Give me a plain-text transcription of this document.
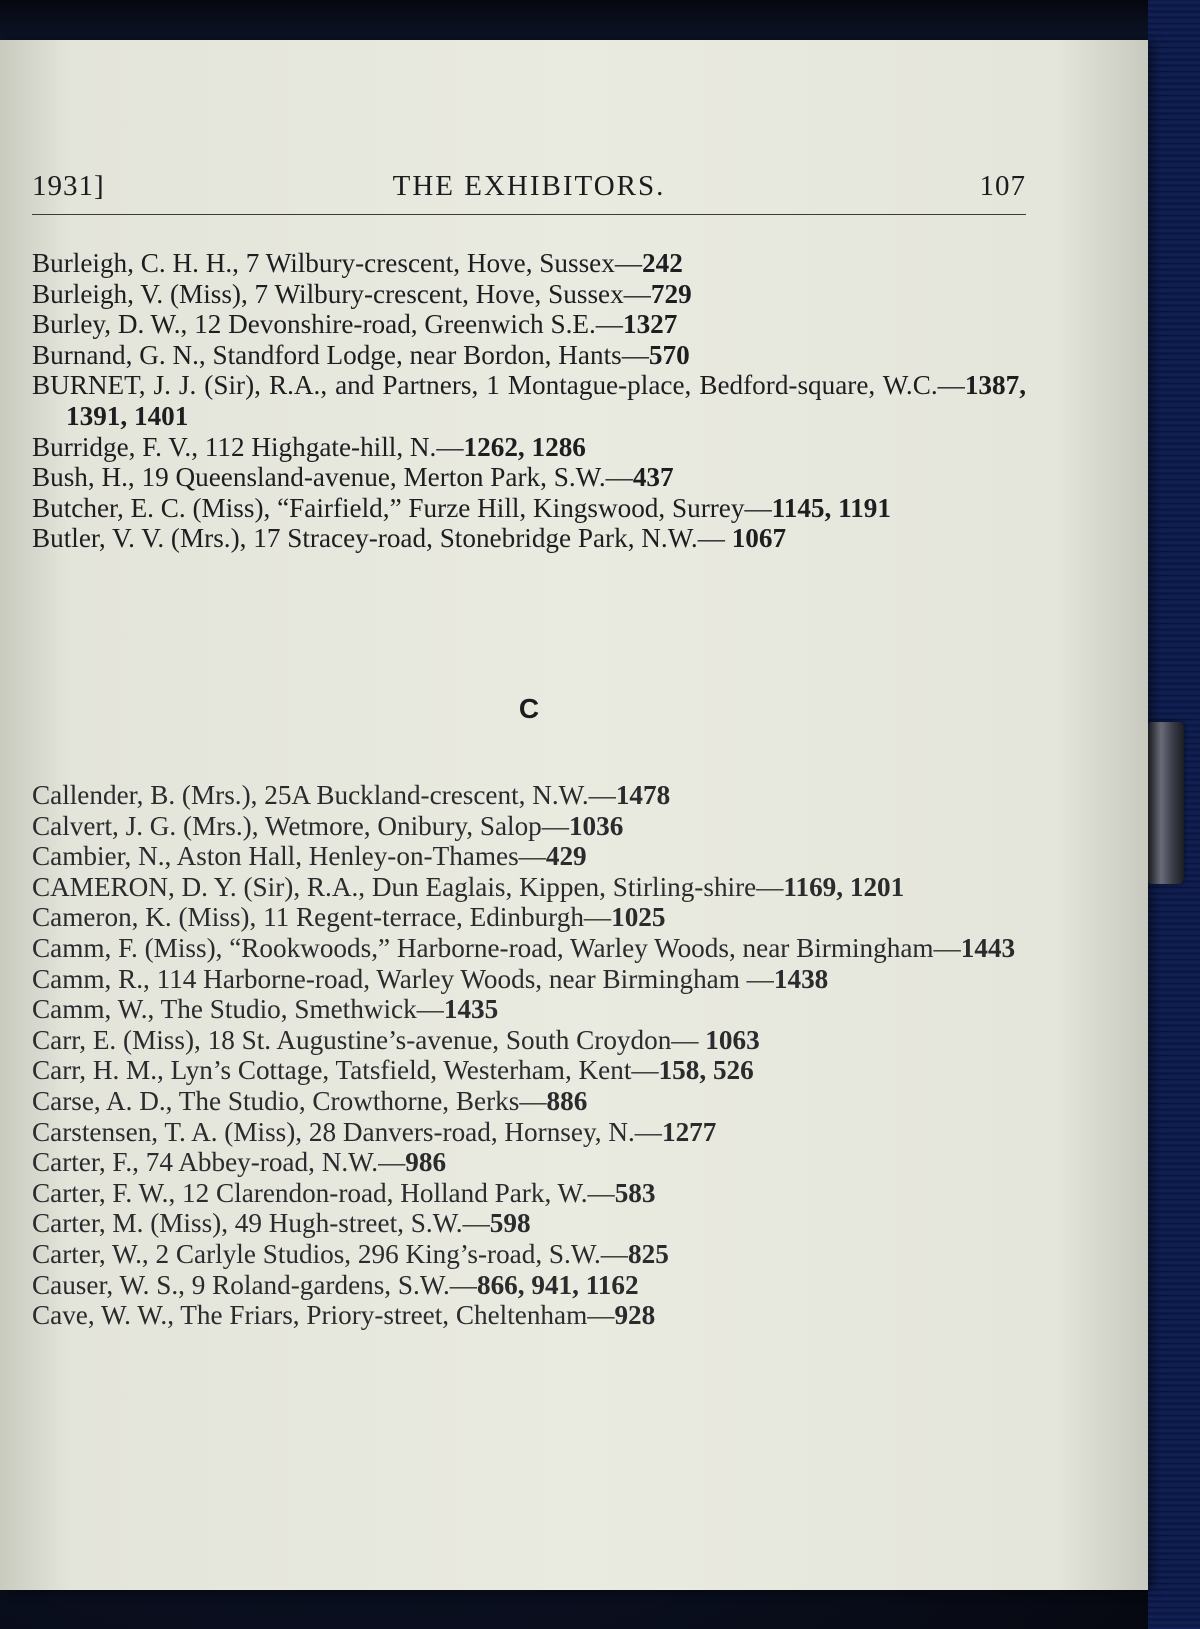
1931]	THE EXHIBITORS.	107

Burleigh, C. H. H., 7 Wilbury-crescent, Hove, Sussex—242

Burleigh, V. (Miss), 7 Wilbury-crescent, Hove, Sussex—729

Burley, D. W., 12 Devonshire-road, Greenwich S.E.—1327

Burnand, G. N., Standford Lodge, near Bordon, Hants—570

BURNET, J. J. (Sir), R.A., and Partners, 1 Montague-place, Bedford-square, W.C.—1387, 1391, 1401

Burridge, F. V., 112 Highgate-hill, N.—1262, 1286

Bush, H., 19 Queensland-avenue, Merton Park, S.W.—437

Butcher, E. C. (Miss), “Fairfield,” Furze Hill, Kingswood, Surrey—1145, 1191

Butler, V. V. (Mrs.), 17 Stracey-road, Stonebridge Park, N.W.— 1067

C

Callender, B. (Mrs.), 25A Buckland-crescent, N.W.—1478

Calvert, J. G. (Mrs.), Wetmore, Onibury, Salop—1036

Cambier, N., Aston Hall, Henley-on-Thames—429

CAMERON, D. Y. (Sir), R.A., Dun Eaglais, Kippen, Stirling-shire—1169, 1201

Cameron, K. (Miss), 11 Regent-terrace, Edinburgh—1025

Camm, F. (Miss), “Rookwoods,” Harborne-road, Warley Woods, near Birmingham—1443

Camm, R., 114 Harborne-road, Warley Woods, near Birmingham —1438

Camm, W., The Studio, Smethwick—1435

Carr, E. (Miss), 18 St. Augustine’s-avenue, South Croydon— 1063

Carr, H. M., Lyn’s Cottage, Tatsfield, Westerham, Kent—158, 526

Carse, A. D., The Studio, Crowthorne, Berks—886

Carstensen, T. A. (Miss), 28 Danvers-road, Hornsey, N.—1277

Carter, F., 74 Abbey-road, N.W.—986

Carter, F. W., 12 Clarendon-road, Holland Park, W.—583

Carter, M. (Miss), 49 Hugh-street, S.W.—598

Carter, W., 2 Carlyle Studios, 296 King’s-road, S.W.—825

Causer, W. S., 9 Roland-gardens, S.W.—866, 941, 1162

Cave, W. W., The Friars, Priory-street, Cheltenham—928
